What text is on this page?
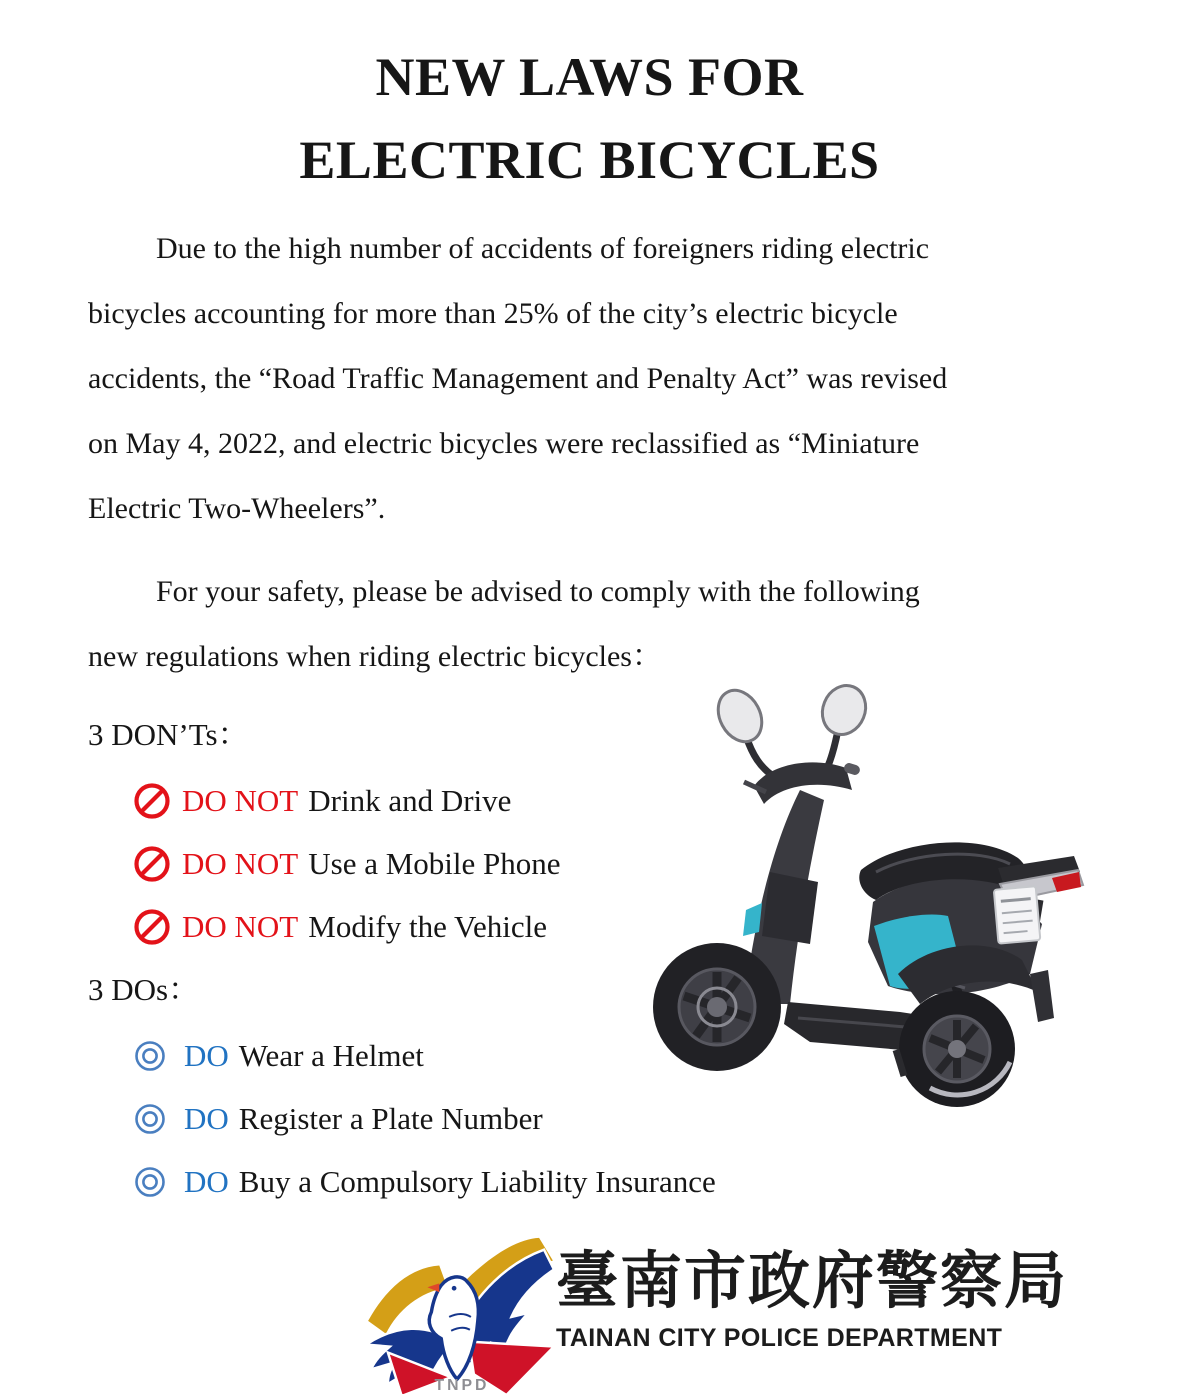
NEW LAWS FOR
ELECTRIC BICYCLES
Due to the high number of accidents of foreigners riding electric
bicycles accounting for more than 25% of the city’s electric bicycle
accidents, the “Road Traffic Management and Penalty Act” was revised
on May 4, 2022, and electric bicycles were reclassified as “Miniature
Electric Two-Wheelers”.
For your safety, please be advised to comply with the following
new regulations when riding electric bicycles：
3 DON’Ts：
DO NOT Drink and Drive
DO NOT Use a Mobile Phone
DO NOT Modify the Vehicle
3 DOs：
DO Wear a Helmet
DO Register a Plate Number
DO Buy a Compulsory Liability Insurance
TNPD
臺南市政府警察局
TAINAN CITY POLICE DEPARTMENT
